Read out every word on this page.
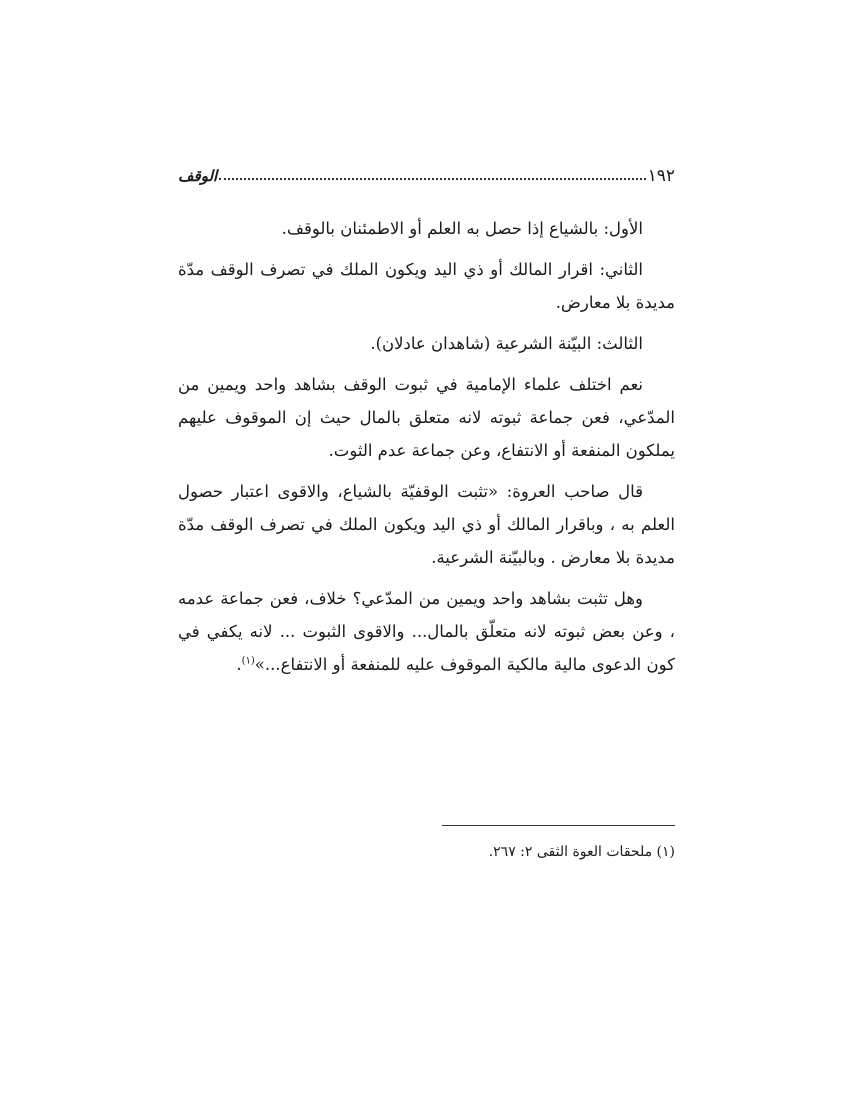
١٩٢
الوقف

الأول: بالشياع إذا حصل به العلم أو الاطمئنان بالوقف.

الثاني: اقرار المالك أو ذي اليد ويكون الملك في تصرف الوقف مدّة مديدة بلا معارض.

الثالث: البيّنة الشرعية (شاهدان عادلان).

نعم اختلف علماء الإمامية في ثبوت الوقف بشاهد واحد ويمين من المدّعي، فعن جماعة ثبوته لانه متعلق بالمال حيث إن الموقوف عليهم يملكون المنفعة أو الانتفاع، وعن جماعة عدم الثوت.

قال صاحب العروة: «تثبت الوقفيّة بالشياع، والاقوى اعتبار حصول العلم به ، وباقرار المالك أو ذي اليد ويكون الملك في تصرف الوقف مدّة مديدة بلا معارض . وبالبيّنة الشرعية.

وهل تثبت بشاهد واحد ويمين من المدّعي؟ خلاف، فعن جماعة عدمه ، وعن بعض ثبوته لانه متعلّق بالمال... والاقوى الثبوت ... لانه يكفي في كون الدعوى مالية مالكية الموقوف عليه للمنفعة أو الانتفاع...»$^{(١)}$.

(١) ملحقات العوة الثقى ٢: ٢٦٧.
